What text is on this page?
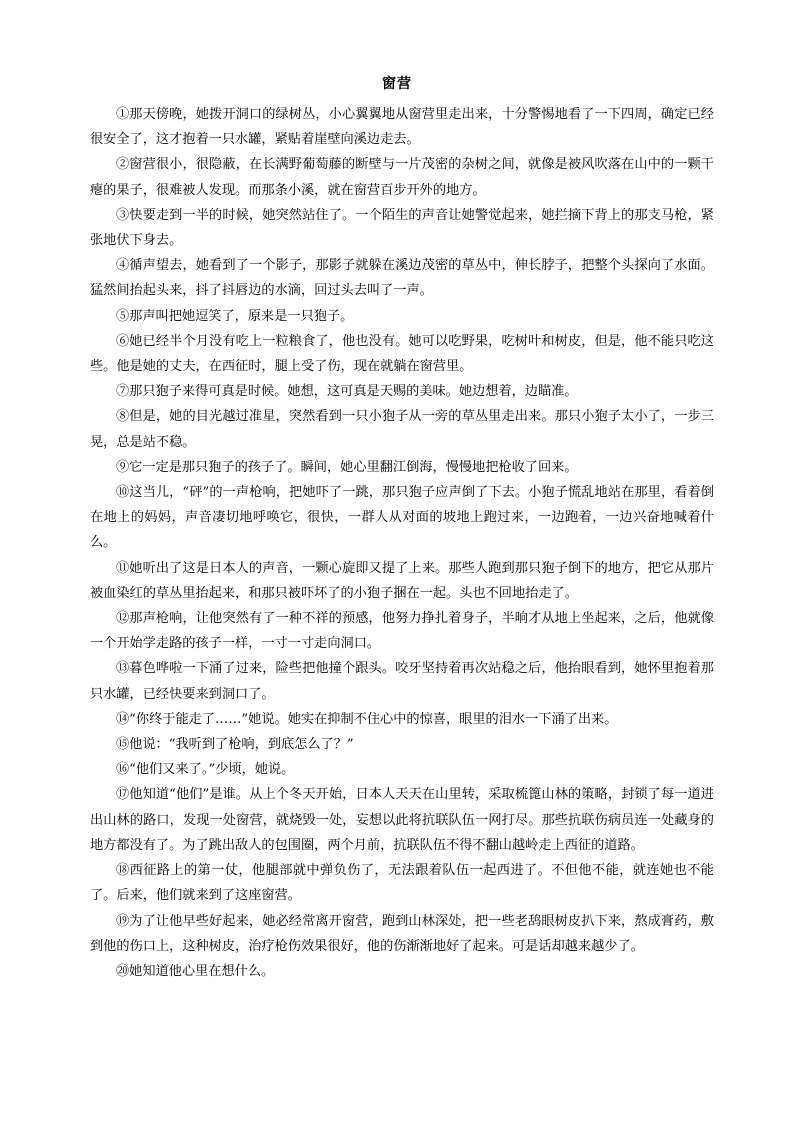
窗营

①那天傍晚，她拨开洞口的绿树丛，小心翼翼地从窗营里走出来，十分警惕地看了一下四周，确定已经很安全了，这才抱着一只水罐，紧贴着崖壁向溪边走去。

②窗营很小，很隐蔽，在长满野葡萄藤的断壁与一片茂密的杂树之间，就像是被风吹落在山中的一颗干瘪的果子，很难被人发现。而那条小溪，就在窗营百步开外的地方。

③快要走到一半的时候，她突然站住了。一个陌生的声音让她警觉起来，她拦摘下背上的那支马枪，紧张地伏下身去。

④循声望去，她看到了一个影子，那影子就躲在溪边茂密的草丛中，伸长脖子，把整个头探向了水面。猛然间抬起头来，抖了抖唇边的水滴，回过头去叫了一声。

⑤那声叫把她逗笑了，原来是一只狍子。

⑥她已经半个月没有吃上一粒粮食了，他也没有。她可以吃野果，吃树叶和树皮，但是，他不能只吃这些。他是她的丈夫，在西征时，腿上受了伤，现在就躺在窗营里。

⑦那只狍子来得可真是时候。她想，这可真是天赐的美味。她边想着，边瞄准。

⑧但是，她的目光越过准星，突然看到一只小狍子从一旁的草丛里走出来。那只小狍子太小了，一步三晃，总是站不稳。

⑨它一定是那只狍子的孩子了。瞬间，她心里翻江倒海，慢慢地把枪收了回来。

⑩这当儿，“砰”的一声枪响，把她吓了一跳，那只狍子应声倒了下去。小狍子慌乱地站在那里，看着倒在地上的妈妈，声音凄切地呼唤它，很快，一群人从对面的坡地上跑过来，一边跑着，一边兴奋地喊着什么。

⑪她听出了这是日本人的声音，一颗心旋即又提了上来。那些人跑到那只狍子倒下的地方，把它从那片被血染红的草丛里抬起来，和那只被吓坏了的小狍子捆在一起。头也不回地抬走了。

⑫那声枪响，让他突然有了一种不祥的预感，他努力挣扎着身子，半晌才从地上坐起来，之后，他就像一个开始学走路的孩子一样，一寸一寸走向洞口。

⑬暮色哗啦一下涌了过来，险些把他撞个跟头。咬牙坚持着再次站稳之后，他抬眼看到，她怀里抱着那只水罐，已经快要来到洞口了。

⑭“你终于能走了……”她说。她实在抑制不住心中的惊喜，眼里的泪水一下涌了出来。

⑮他说：“我听到了枪响，到底怎么了？”

⑯“他们又来了。”少顷，她说。

⑰他知道“他们”是谁。从上个冬天开始，日本人天天在山里转，采取梳篦山林的策略，封锁了每一道进出山林的路口，发现一处窗营，就烧毁一处，妄想以此将抗联队伍一网打尽。那些抗联伤病员连一处藏身的地方都没有了。为了跳出敌人的包围圈，两个月前，抗联队伍不得不翻山越岭走上西征的道路。

⑱西征路上的第一仗，他腿部就中弹负伤了，无法跟着队伍一起西进了。不但他不能，就连她也不能了。后来，他们就来到了这座窗营。

⑲为了让他早些好起来，她必经常离开窗营，跑到山林深处，把一些老鸹眼树皮扒下来，熬成膏药，敷到他的伤口上，这种树皮，治疗枪伤效果很好，他的伤渐渐地好了起来。可是话却越来越少了。

⑳她知道他心里在想什么。
